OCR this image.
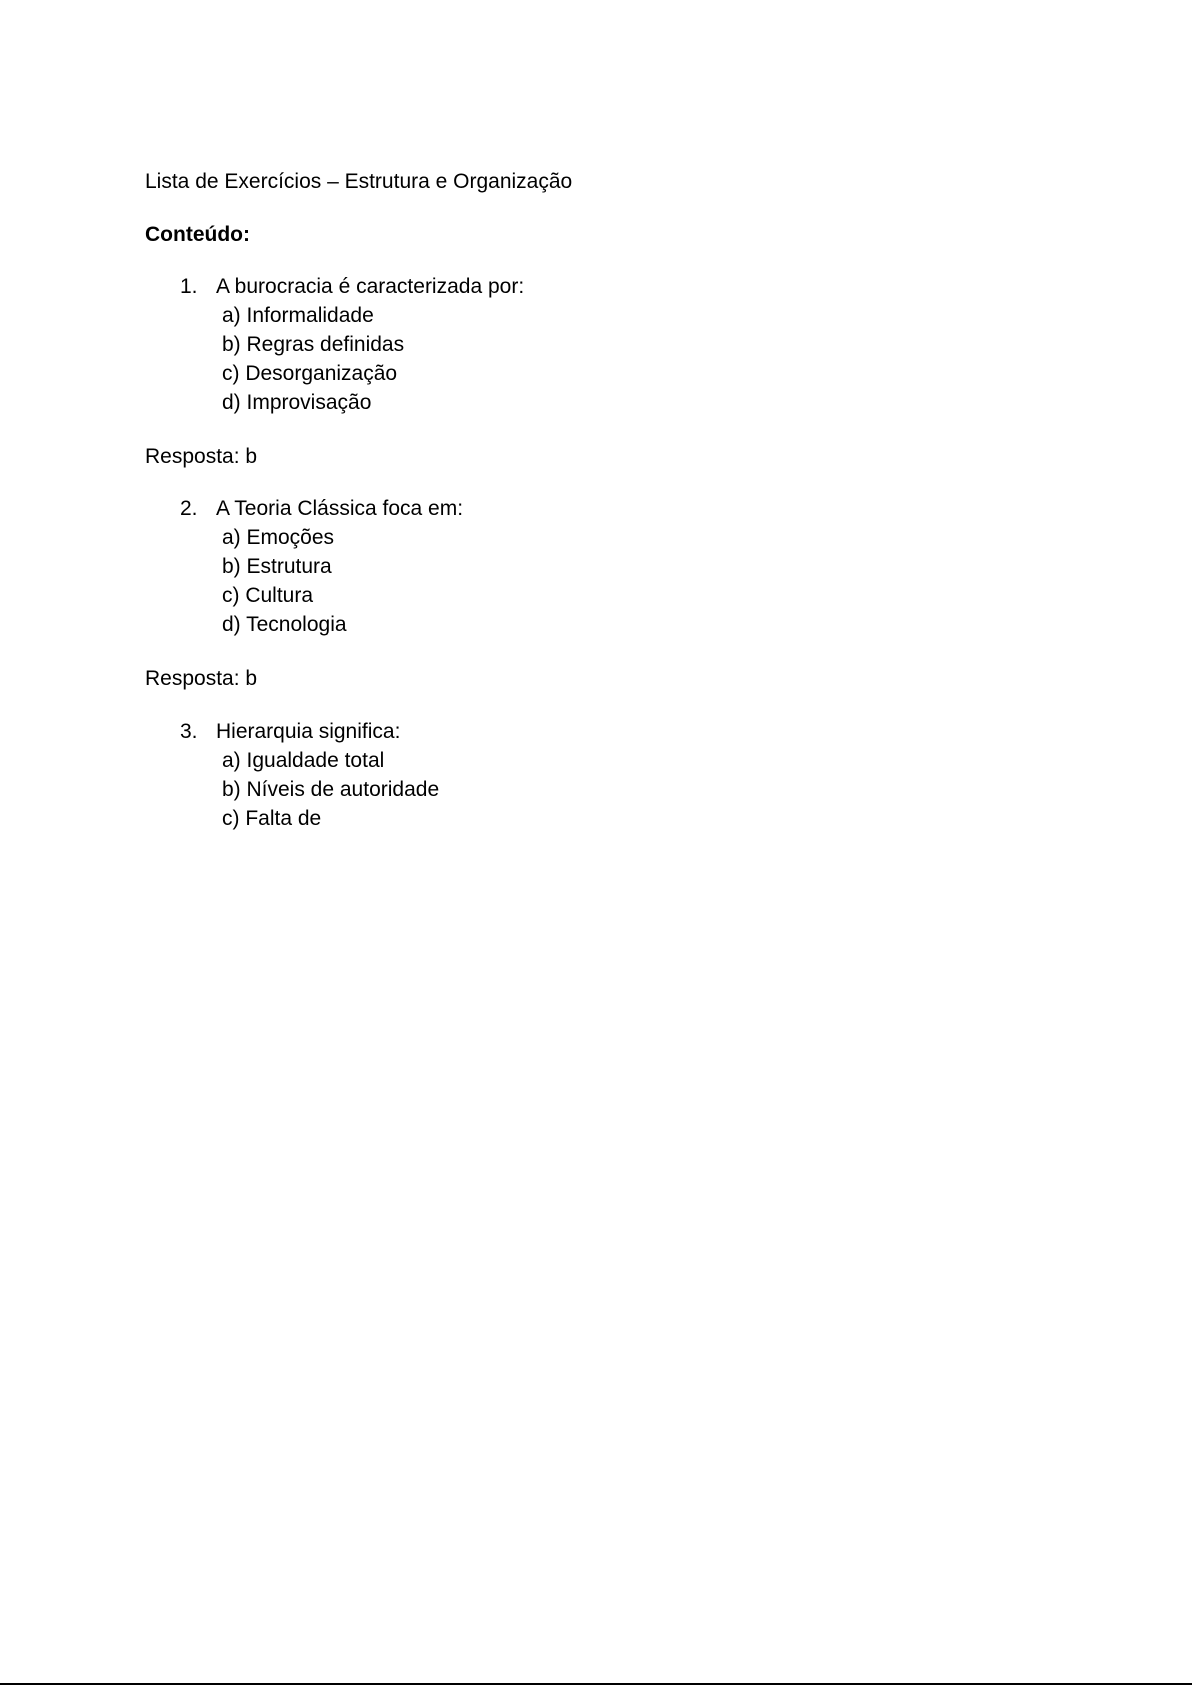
Lista de Exercícios – Estrutura e Organização
Conteúdo:
1. A burocracia é caracterizada por:
a) Informalidade
b) Regras definidas
c) Desorganização
d) Improvisação
Resposta: b
2. A Teoria Clássica foca em:
a) Emoções
b) Estrutura
c) Cultura
d) Tecnologia
Resposta: b
3. Hierarquia significa:
a) Igualdade total
b) Níveis de autoridade
c) Falta de
